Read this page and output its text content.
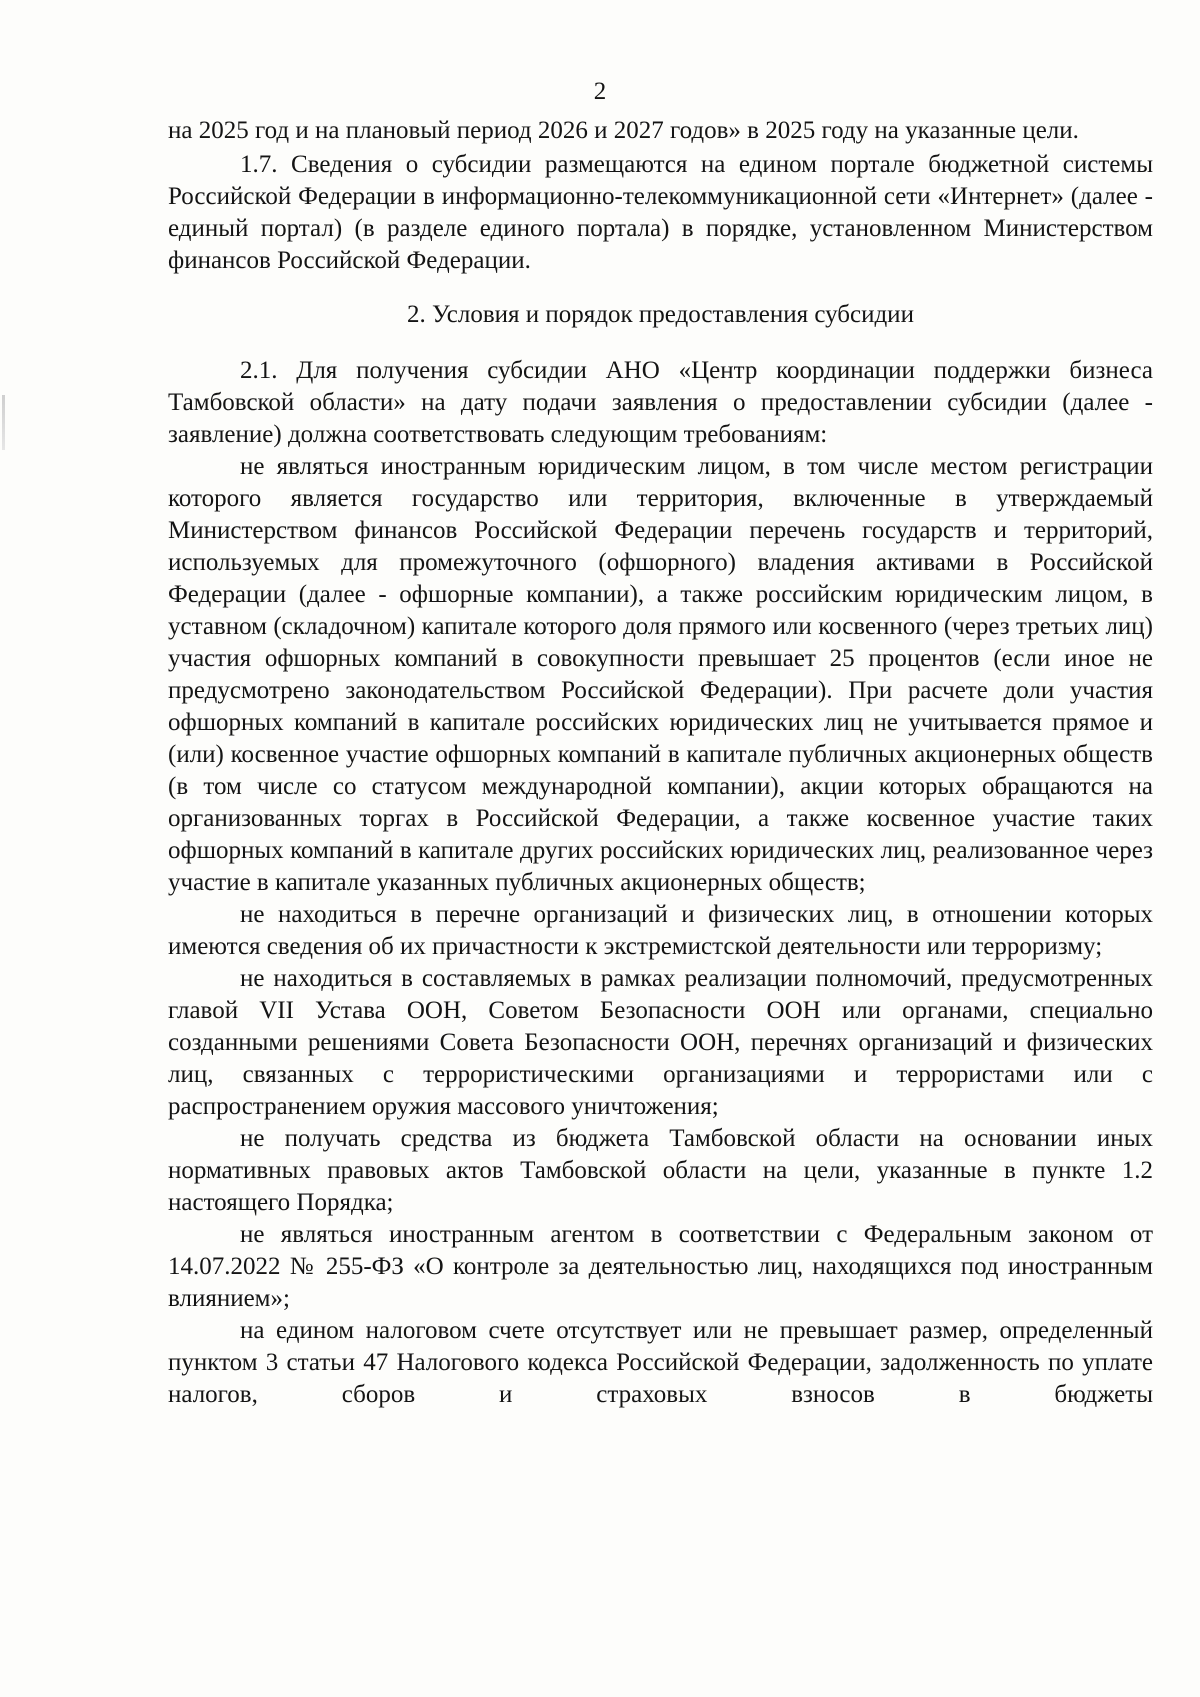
2

на 2025 год и на плановый период 2026 и 2027 годов» в 2025 году на указанные цели.

1.7. Сведения о субсидии размещаются на едином портале бюджетной системы Российской Федерации в информационно-телекоммуникационной сети «Интернет» (далее - единый портал) (в разделе единого портала) в порядке, установленном Министерством финансов Российской Федерации.

2. Условия и порядок предоставления субсидии

2.1. Для получения субсидии АНО «Центр координации поддержки бизнеса Тамбовской области» на дату подачи заявления о предоставлении субсидии (далее - заявление) должна соответствовать следующим требованиям:

не являться иностранным юридическим лицом, в том числе местом регистрации которого является государство или территория, включенные в утверждаемый Министерством финансов Российской Федерации перечень государств и территорий, используемых для промежуточного (офшорного) владения активами в Российской Федерации (далее - офшорные компании), а также российским юридическим лицом, в уставном (складочном) капитале которого доля прямого или косвенного (через третьих лиц) участия офшорных компаний в совокупности превышает 25 процентов (если иное не предусмотрено законодательством Российской Федерации). При расчете доли участия офшорных компаний в капитале российских юридических лиц не учитывается прямое и (или) косвенное участие офшорных компаний в капитале публичных акционерных обществ (в том числе со статусом международной компании), акции которых обращаются на организованных торгах в Российской Федерации, а также косвенное участие таких офшорных компаний в капитале других российских юридических лиц, реализованное через участие в капитале указанных публичных акционерных обществ;

не находиться в перечне организаций и физических лиц, в отношении которых имеются сведения об их причастности к экстремистской деятельности или терроризму;

не находиться в составляемых в рамках реализации полномочий, предусмотренных главой VII Устава ООН, Советом Безопасности ООН или органами, специально созданными решениями Совета Безопасности ООН, перечнях организаций и физических лиц, связанных с террористическими организациями и террористами или с распространением оружия массового уничтожения;

не получать средства из бюджета Тамбовской области на основании иных нормативных правовых актов Тамбовской области на цели, указанные в пункте 1.2 настоящего Порядка;

не являться иностранным агентом в соответствии с Федеральным законом от 14.07.2022 № 255-ФЗ «О контроле за деятельностью лиц, находящихся под иностранным влиянием»;

на едином налоговом счете отсутствует или не превышает размер, определенный пунктом 3 статьи 47 Налогового кодекса Российской Федерации, задолженность по уплате налогов, сборов и страховых взносов в бюджеты
